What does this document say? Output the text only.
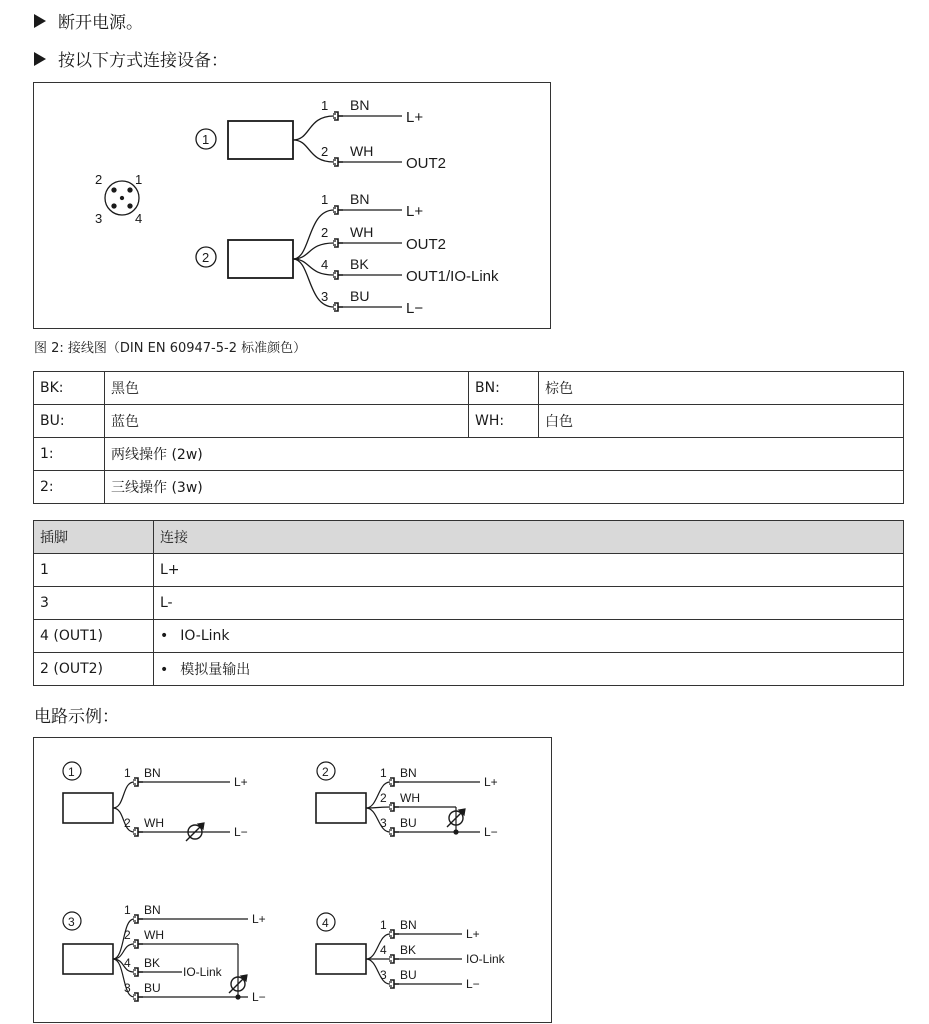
断开电源。
按以下方式连接设备：
2	1
3	4
1
2
1 BN
L+
2 WH
OUT2
1 BN
L+
2 WH
OUT2
4 BK
OUT1/IO-Link
3 BU
L−
图 2: 接线图（DIN EN 60947-5-2 标准颜色）
BK:	黑色	BN:	棕色
BU:	蓝色	WH:	白色
1:	两线操作 (2w)		
2:	三线操作 (3w)		
插脚	连接
1	L+
3	L-
4 (OUT1)	• IO-Link
2 (OUT2)	• 模拟量输出
电路示例：
1	1 BN
L+
2 WH
L−
2	1 BN
L+
2 WH
3 BU
L−
3
1 BN
L+
2 WH
4 BK
IO-Link
3 BU
L−
4	1 BN
L+
4 BK
IO-Link
3 BU
L−
